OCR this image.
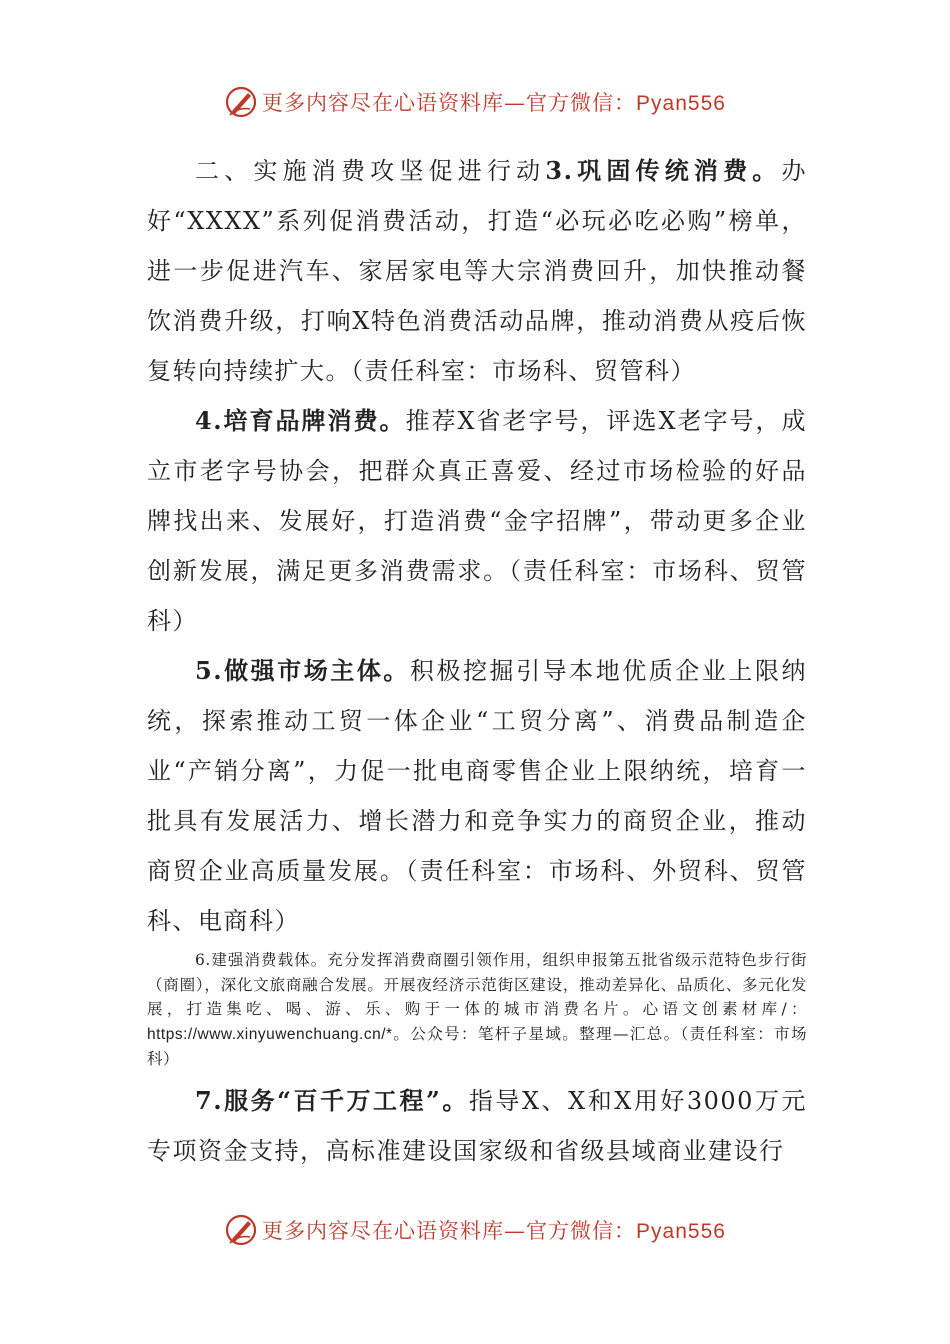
更多内容尽在心语资料库—官方微信：Pyan556

二、实施消费攻坚促进行动3.巩固传统消费。办好“XXXX”系列促消费活动，打造“必玩必吃必购”榜单，进一步促进汽车、家居家电等大宗消费回升，加快推动餐饮消费升级，打响X特色消费活动品牌，推动消费从疫后恢复转向持续扩大。（责任科室：市场科、贸管科）

4.培育品牌消费。推荐X省老字号，评选X老字号，成立市老字号协会，把群众真正喜爱、经过市场检验的好品牌找出来、发展好，打造消费“金字招牌”，带动更多企业创新发展，满足更多消费需求。（责任科室：市场科、贸管科）

5.做强市场主体。积极挖掘引导本地优质企业上限纳统，探索推动工贸一体企业“工贸分离”、消费品制造企业“产销分离”，力促一批电商零售企业上限纳统，培育一批具有发展活力、增长潜力和竞争实力的商贸企业，推动商贸企业高质量发展。（责任科室：市场科、外贸科、贸管科、电商科）

6.建强消费载体。充分发挥消费商圈引领作用，组织申报第五批省级示范特色步行街（商圈），深化文旅商融合发展。开展夜经济示范街区建设，推动差异化、品质化、多元化发展，打造集吃、喝、游、乐、购于一体的城市消费名片。心语文创素材库/：https://www.xinyuwenchuang.cn/*。公众号：笔杆子星域。整理—汇总。（责任科室：市场科）

7.服务“百千万工程”。指导X、X和X用好3000万元专项资金支持，高标准建设国家级和省级县域商业建设行

更多内容尽在心语资料库—官方微信：Pyan556
